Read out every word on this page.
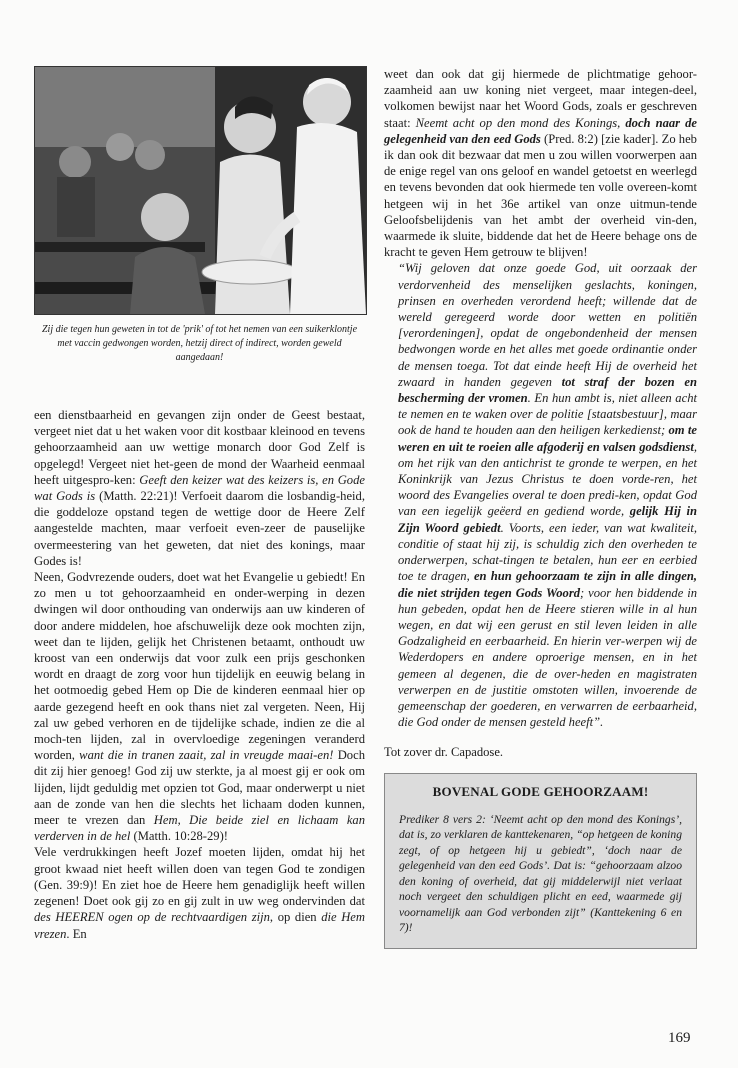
Zij die tegen hun geweten in tot de 'prik' of tot het nemen van een suikerklontje met vaccin gedwongen worden, hetzij direct of indirect, worden geweld aangedaan!

een dienstbaarheid en gevangen zijn onder de Geest bestaat, vergeet niet dat u het waken voor dit kostbaar kleinood en tevens gehoorzaamheid aan uw wettige monarch door God Zelf is opgelegd! Vergeet niet het-geen de mond der Waarheid eenmaal heeft uitgespro-ken: Geeft den keizer wat des keizers is, en Gode wat Gods is (Matth. 22:21)! Verfoeit daarom die losbandig-heid, die goddeloze opstand tegen de wettige door de Heere Zelf aangestelde machten, maar verfoeit even-zeer de pauselijke overmeestering van het geweten, dat niet des konings, maar Godes is!

Neen, Godvrezende ouders, doet wat het Evangelie u gebiedt! En zo men u tot gehoorzaamheid en onder-werping in dezen dwingen wil door onthouding van onderwijs aan uw kinderen of door andere middelen, hoe afschuwelijk deze ook mochten zijn, weet dan te lijden, gelijk het Christenen betaamt, onthoudt uw kroost van een onderwijs dat voor zulk een prijs geschonken wordt en draagt de zorg voor hun tijdelijk en eeuwig belang in het ootmoedig gebed Hem op Die de kinderen eenmaal hier op aarde gezegend heeft en ook thans niet zal vergeten. Neen, Hij zal uw gebed verhoren en de tijdelijke schade, indien ze die al moch-ten lijden, zal in overvloedige zegeningen veranderd worden, want die in tranen zaait, zal in vreugde maai-en! Doch dit zij hier genoeg! God zij uw sterkte, ja al moest gij er ook om lijden, lijdt geduldig met opzien tot God, maar onderwerpt u niet aan de zonde van hen die slechts het lichaam doden kunnen, meer te vrezen dan Hem, Die beide ziel en lichaam kan verderven in de hel (Matth. 10:28-29)!

Vele verdrukkingen heeft Jozef moeten lijden, omdat hij het groot kwaad niet heeft willen doen van tegen God te zondigen (Gen. 39:9)! En ziet hoe de Heere hem genadiglijk heeft willen zegenen! Doet ook gij zo en gij zult in uw weg ondervinden dat des HEEREN ogen op de rechtvaardigen zijn, op dien die Hem vrezen. En

weet dan ook dat gij hiermede de plichtmatige gehoor-zaamheid aan uw koning niet vergeet, maar integen-deel, volkomen bewijst naar het Woord Gods, zoals er geschreven staat: Neemt acht op den mond des Konings, doch naar de gelegenheid van den eed Gods (Pred. 8:2) [zie kader]. Zo heb ik dan ook dit bezwaar dat men u zou willen voorwerpen aan de enige regel van ons geloof en wandel getoetst en weerlegd en tevens bevonden dat ook hiermede ten volle overeen-komt hetgeen wij in het 36e artikel van onze uitmun-tende Geloofsbelijdenis van het ambt der overheid vin-den, waarmede ik sluite, biddende dat het de Heere behage ons de kracht te geven Hem getrouw te blijven!

“Wij geloven dat onze goede God, uit oorzaak der verdorvenheid des menselijken geslachts, koningen, prinsen en overheden verordend heeft; willende dat de wereld geregeerd worde door wetten en politiën [verordeningen], opdat de ongebondenheid der mensen bedwongen worde en het alles met goede ordinantie onder de mensen toega. Tot dat einde heeft Hij de overheid het zwaard in handen gegeven tot straf der bozen en bescherming der vromen. En hun ambt is, niet alleen acht te nemen en te waken over de politie [staatsbestuur], maar ook de hand te houden aan den heiligen kerkedienst; om te weren en uit te roeien alle afgoderij en valsen godsdienst, om het rijk van den antichrist te gronde te werpen, en het Koninkrijk van Jezus Christus te doen vorde-ren, het woord des Evangelies overal te doen predi-ken, opdat God van een iegelijk geëerd en gediend worde, gelijk Hij in Zijn Woord gebiedt. Voorts, een ieder, van wat kwaliteit, conditie of staat hij zij, is schuldig zich den overheden te onderwerpen, schat-tingen te betalen, hun eer en eerbied toe te dragen, en hun gehoorzaam te zijn in alle dingen, die niet strijden tegen Gods Woord; voor hen biddende in hun gebeden, opdat hen de Heere stieren wille in al hun wegen, en dat wij een gerust en stil leven leiden in alle Godzaligheid en eerbaarheid. En hierin ver-werpen wij de Wederdopers en andere oproerige mensen, en in het gemeen al degenen, die de over-heden en magistraten verwerpen en de justitie omstoten willen, invoerende de gemeenschap der goederen, en verwarren de eerbaarheid, die God onder de mensen gesteld heeft”.

Tot zover dr. Capadose.

BOVENAL GODE GEHOORZAAM!
Prediker 8 vers 2: ‘Neemt acht op den mond des Konings’, dat is, zo verklaren de kanttekenaren, “op hetgeen de koning zegt, of op hetgeen hij u gebiedt”, ‘doch naar de gelegenheid van den eed Gods’. Dat is: “gehoorzaam alzoo den koning of overheid, dat gij middelerwijl niet verlaat noch vergeet den schuldigen plicht en eed, waarmede gij voornamelijk aan God verbonden zijt” (Kanttekening 6 en 7)!
169
